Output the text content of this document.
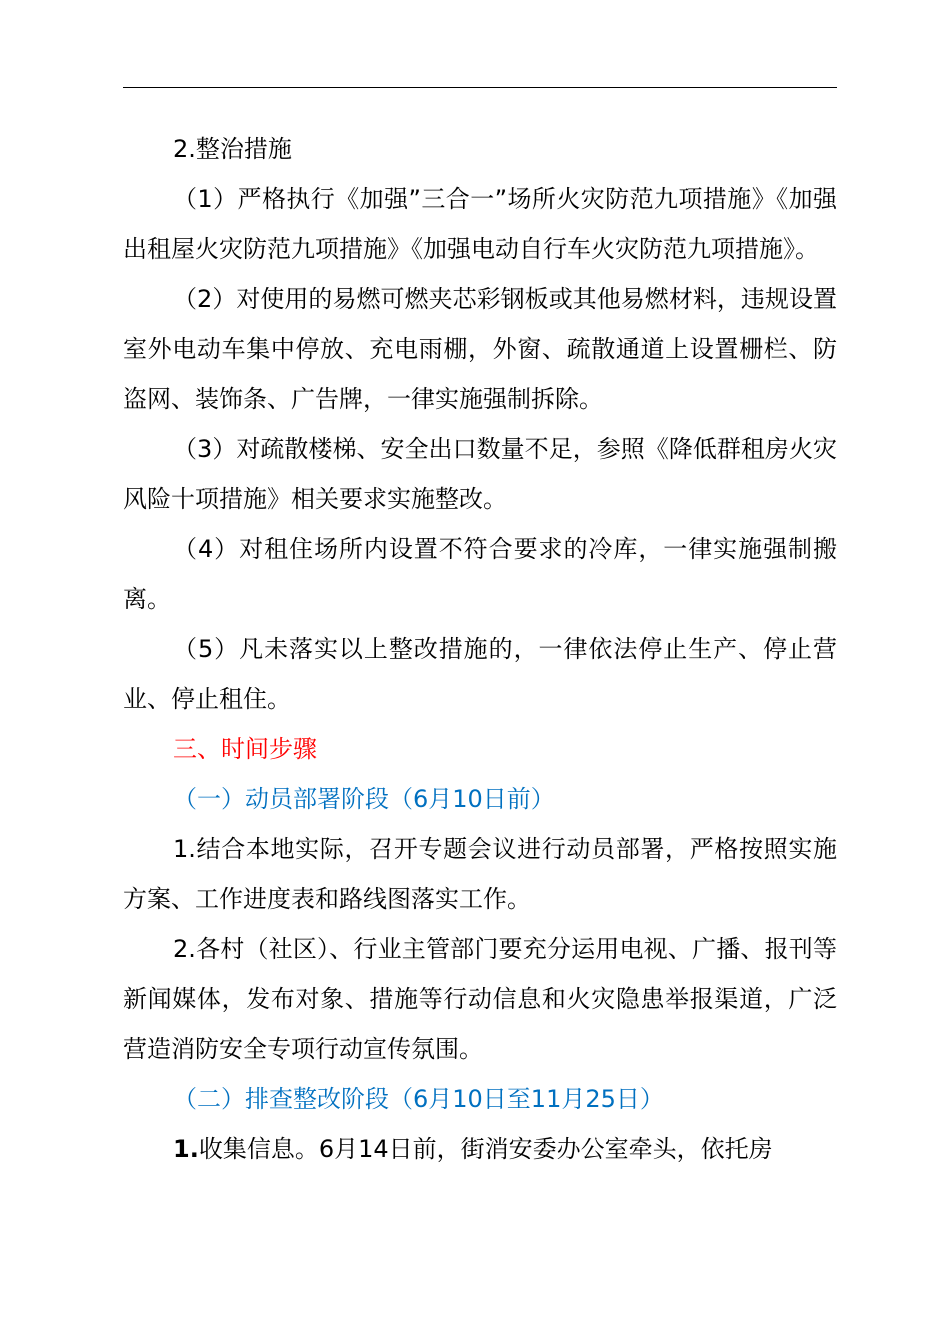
2.整治措施

（1）严格执行《加强”三合一”场所火灾防范九项措施》《加强出租屋火灾防范九项措施》《加强电动自行车火灾防范九项措施》。

（2）对使用的易燃可燃夹芯彩钢板或其他易燃材料，违规设置室外电动车集中停放、充电雨棚，外窗、疏散通道上设置栅栏、防盗网、装饰条、广告牌，一律实施强制拆除。

（3）对疏散楼梯、安全出口数量不足，参照《降低群租房火灾风险十项措施》相关要求实施整改。

（4）对租住场所内设置不符合要求的冷库，一律实施强制搬离。

（5）凡未落实以上整改措施的，一律依法停止生产、停止营业、停止租住。

三、时间步骤

（一）动员部署阶段（6月10日前）

1.结合本地实际，召开专题会议进行动员部署，严格按照实施方案、工作进度表和路线图落实工作。

2.各村（社区）、行业主管部门要充分运用电视、广播、报刊等新闻媒体，发布对象、措施等行动信息和火灾隐患举报渠道，广泛营造消防安全专项行动宣传氛围。

（二）排查整改阶段（6月10日至11月25日）

1.收集信息。6月14日前，街消安委办公室牵头，依托房
